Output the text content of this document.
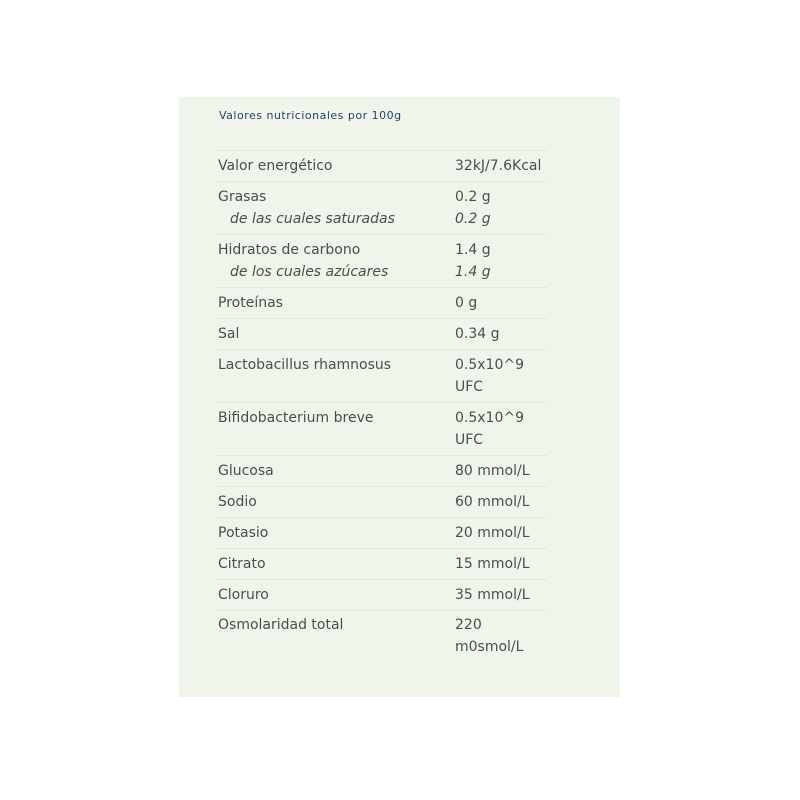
Valores nutricionales por 100g
Valor energético	32kJ/7.6Kcal
Grasas	0.2 g
de las cuales saturadas	0.2 g
Hidratos de carbono	1.4 g
de los cuales azúcares	1.4 g
Proteínas	0 g
Sal	0.34 g
Lactobacillus rhamnosus	0.5x10^9
UFC
Bifidobacterium breve	0.5x10^9
UFC
Glucosa	80 mmol/L
Sodio	60 mmol/L
Potasio	20 mmol/L
Citrato	15 mmol/L
Cloruro	35 mmol/L
Osmolaridad total	220
m0smol/L
